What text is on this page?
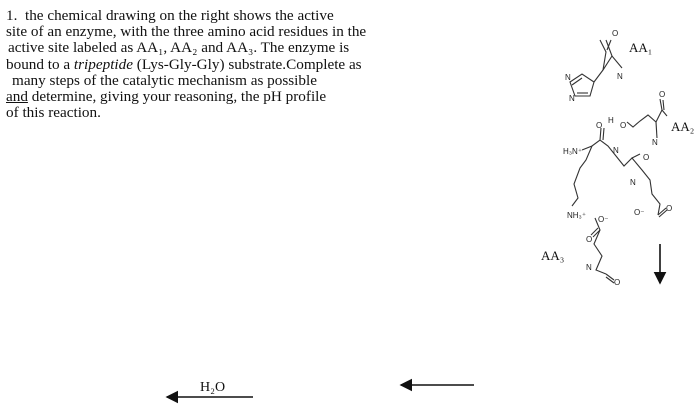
1. the chemical drawing on the right shows the active
site of an enzyme, with the three amino acid residues in the
active site labeled as AA₁, AA₂ and AA₃. The enzyme is
bound to a tripeptide (Lys-Gly-Gly) substrate.Complete as
many steps of the catalytic mechanism as possible
and determine, giving your reasoning, the pH profile
of this reaction.
N
N
N
O
AA₁
H
O
O
N
AA₂
H₃N⁺
O
N
O
N
O⁻	O
NH₃⁺ O⁻
O
N
O
AA₃
H₂O
